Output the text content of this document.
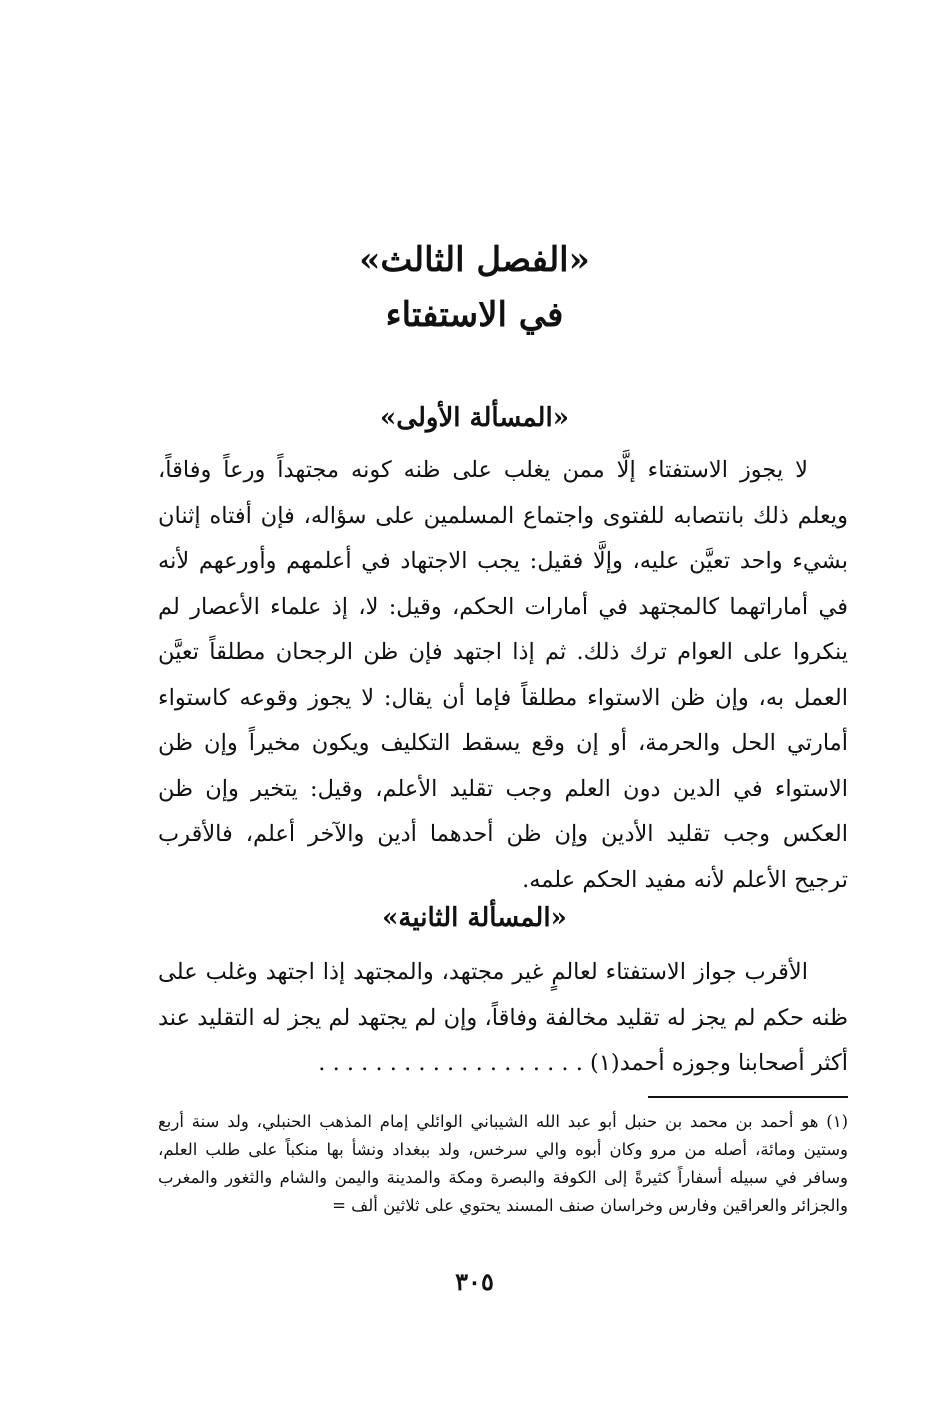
«الفصل الثالث»
في الاستفتاء
«المسألة الأولى»
لا يجوز الاستفتاء إلَّا ممن يغلب على ظنه كونه مجتهداً ورعاً وفاقاً، ويعلم ذلك بانتصابه للفتوى واجتماع المسلمين على سؤاله، فإن أفتاه إثنان بشيء واحد تعيَّن عليه، وإلَّا فقيل: يجب الاجتهاد في أعلمهم وأورعهم لأنه في أماراتهما كالمجتهد في أمارات الحكم، وقيل: لا، إذ علماء الأعصار لم ينكروا على العوام ترك ذلك. ثم إذا اجتهد فإن ظن الرجحان مطلقاً تعيَّن العمل به، وإن ظن الاستواء مطلقاً فإما أن يقال: لا يجوز وقوعه كاستواء أمارتي الحل والحرمة، أو إن وقع يسقط التكليف ويكون مخيراً وإن ظن الاستواء في الدين دون العلم وجب تقليد الأعلم، وقيل: يتخير وإن ظن العكس وجب تقليد الأدين وإن ظن أحدهما أدين والآخر أعلم، فالأقرب ترجيح الأعلم لأنه مفيد الحكم علمه.
«المسألة الثانية»
الأقرب جواز الاستفتاء لعالمٍ غير مجتهد، والمجتهد إذا اجتهد وغلب على ظنه حكم لم يجز له تقليد مخالفة وفاقاً، وإن لم يجتهد لم يجز له التقليد عند أكثر أصحابنا وجوزه أحمد(١) . . . . . . . . . . . . . . . . . . .
(١) هو أحمد بن محمد بن حنبل أبو عبد الله الشيباني الوائلي إمام المذهب الحنبلي، ولد سنة أربع وستين ومائة، أصله من مرو وكان أبوه والي سرخس، ولد ببغداد ونشأ بها منكباً على طلب العلم، وسافر في سبيله أسفاراً كثيرةً إلى الكوفة والبصرة ومكة والمدينة واليمن والشام والثغور والمغرب والجزائر والعراقين وفارس وخراسان صنف المسند يحتوي على ثلاثين ألف =
٣٠٥
